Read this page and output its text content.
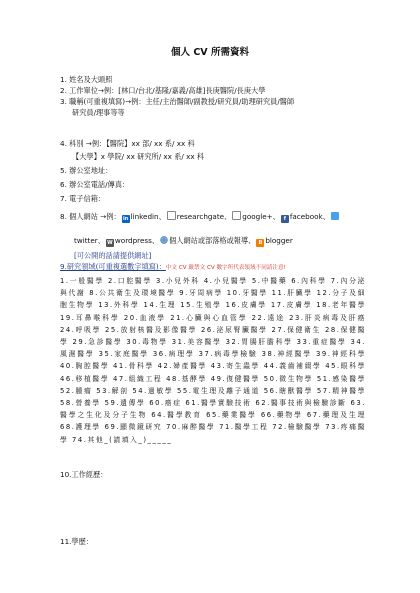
個人 CV 所需資料
1. 姓名及大頭照
2. 工作單位→例：[林口/台北/基隆/嘉義/高雄]長庚醫院/長庚大學
3. 職稱(可重複填寫)→例：主任/主治醫師/副教授/研究員/助理研究員/醫師
研究員/理事等等
4. 科別 →例：【醫院】xx 部/ xx 系/ xx 科
【大學】x 學院/ xx 研究所/ xx 系/ xx 科
5. 辦公室地址：
6. 辦公室電話/傳真：
7. 電子信箱：
8. 個人網站 →例： in linkedin、 researchgate、 google+、 f facebook、
twitter、 W wordpress、 個人網站或部落格或報導、 B blogger
[可公開的話請提供網址]
9.研究領域(可重複選數字填寫)：中文 CV 嚴禁文 CV 數字所代表領域不同請注意!
1.一般醫學 2.口腔醫學 3.小兒外科 4.小兒醫學 5.中醫藥 6.內科學 7.內分泌與代謝 8.公共衛生及環境醫學 9.牙周病學 10.牙醫學 11.肝臟學 12.分子及細胞生物學 13.外科學 14.生理 15.生殖學 16.皮膚學 17.皮膚學 18.老年醫學 19.耳鼻喉科學 20.血液學 21.心臟與心血管學 22.遠途 23.肝炎病毒及肝癌 24.呼吸學 25.放射核醫及影像醫學 26.泌尿腎臟醫學 27.保健衛生 28.保健醫學 29.急診醫學 30.毒物學 31.美容醫學 32.胃腸肝膽科學 33.重症醫學 34.風濕醫學 35.家庭醫學 36.病理學 37.病毒學檢驗 38.神經醫學 39.神經科學 40.胸腔醫學 41.骨科學 42.婦產醫學 43.寄生蟲學 44.義齒補綴學 45.眼科學 46.移植醫學 47.組織工程 48.基酵學 49.復健醫學 50.微生物學 51.感染醫學 52.腫瘤 53.解剖 54.過敏學 55.電生理及離子通道 56.瞎獸醫學 57.精神醫學 58.營養學 59.遺傳學 60.癌症 61.醫學實驗技術 62.醫事技術與檢驗診斷 63.醫學之生化及分子生物 64.醫學教育 65.藥業醫學 66.藥物學 67.藥理及生理 68.護理學 69.顯微鏡研究 70.麻醉醫學 71.醫學工程 72.檢驗醫學 73.疼痛醫學 74.其他_(請填入_)_____
10.工作經歷：
11.學歷：
